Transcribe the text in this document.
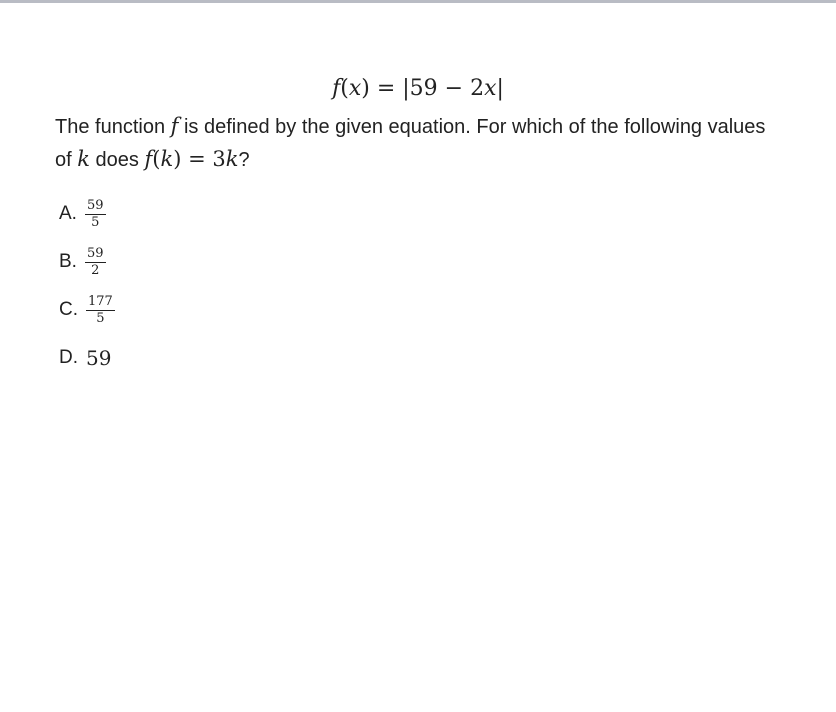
f(x) = |59 − 2x|
The function f is defined by the given equation. For which of the following values of k does f(k) = 3k?
A. $\frac{59}{5}$
B. $\frac{59}{2}$
C. $\frac{177}{5}$
D. 59
